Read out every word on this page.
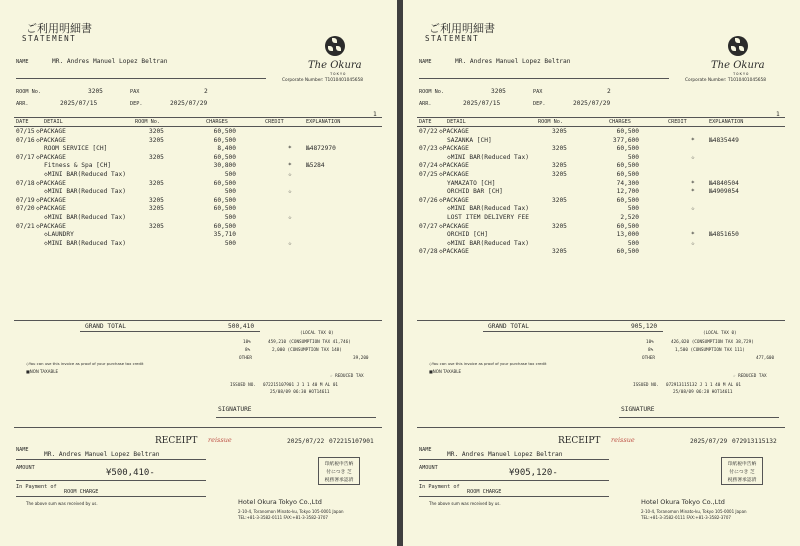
ご利用明細書
STATEMENT
The Okura
TOKYO
Corporate Number: T1010401045658
NAME	MR. Andres Manuel Lopez Beltran
ROOM No.	3205	PAX	2
ARR.	2025/07/15	DEP.	2025/07/29
1
DATE	DETAIL	ROOM No.	CHARGES	CREDIT	EXPLANATION
07/15 ◇PACKAGE	3205	60,500
07/16 ◇PACKAGE	3205	60,500
ROOM SERVICE [CH]	8,400	* №4872970
07/17 ◇PACKAGE	3205	60,500
Fitness & Spa [CH]	30,800	* №5284
◇MINI BAR(Reduced Tax)	500	☆
07/18 ◇PACKAGE	3205	60,500
◇MINI BAR(Reduced Tax)	500	☆
07/19 ◇PACKAGE	3205	60,500
07/20 ◇PACKAGE	3205	60,500
◇MINI BAR(Reduced Tax)	500	☆
07/21 ◇PACKAGE	3205	60,500
◇LAUNDRY	35,710
◇MINI BAR(Reduced Tax)	500	☆
GRAND TOTAL	500,410
(LOCAL TAX 0)
10%	459,210 (CONSUMPTION TAX 41,746)
8%	2,000 (CONSUMPTION TAX 148)
OTHER	39,200
◇You can use this invoice as proof of your purchase tax credit
■NON TAXABLE
☆ REDUCED TAX
ISSUED NO. 072215107901 J 1 1 40 M AL 01
25/08/09 06:30 HOT14611
SIGNATURE
RECEIPT reissue	2025/07/22 072215107901
NAME
MR. Andres Manuel Lopez Beltran
AMOUNT	¥500,410-
In Payment of
ROOM CHARGE
The above sum was received by us.
印紙税申告納
付につき 芝
税務署承認済
Hotel Okura Tokyo Co.,Ltd
2-10-4, Toranomon Minato-ku, Tokyo 105-0001 Japan
TEL:+81-3-3582-0111 FAX:+81-3-3582-3707
ご利用明細書
STATEMENT
The Okura
TOKYO
Corporate Number: T1010401045658
NAME	MR. Andres Manuel Lopez Beltran
ROOM No.	3205	PAX	2
ARR.	2025/07/15	DEP.	2025/07/29
1
DATE	DETAIL	ROOM No.	CHARGES	CREDIT	EXPLANATION
07/22 ◇PACKAGE	3205	60,500
SAZANKA [CH]	377,600	* №4835449
07/23 ◇PACKAGE	3205	60,500
◇MINI BAR(Reduced Tax)	500	☆
07/24 ◇PACKAGE	3205	60,500
07/25 ◇PACKAGE	3205	60,500
YAMAZATO [CH]	74,300	* №4840504
ORCHID BAR [CH]	12,700	* №4909054
07/26 ◇PACKAGE	3205	60,500
◇MINI BAR(Reduced Tax)	500	☆
LOST ITEM DELIVERY FEE	2,520
07/27 ◇PACKAGE	3205	60,500
ORCHID [CH]	13,000	* №4851650
◇MINI BAR(Reduced Tax)	500	☆
07/28 ◇PACKAGE	3205	60,500
GRAND TOTAL	905,120
(LOCAL TAX 0)
10%	426,020 (CONSUMPTION TAX 38,729)
8%	1,500 (CONSUMPTION TAX 111)
OTHER	477,600
◇You can use this invoice as proof of your purchase tax credit
■NON TAXABLE
☆ REDUCED TAX
ISSUED NO. 072913115132 J 1 1 40 M AL 01
25/08/09 06:28 HOT14611
SIGNATURE
RECEIPT reissue	2025/07/29 072913115132
NAME
MR. Andres Manuel Lopez Beltran
AMOUNT	¥905,120-
In Payment of
ROOM CHARGE
The above sum was received by us.
印紙税申告納
付につき 芝
税務署承認済
Hotel Okura Tokyo Co.,Ltd
2-10-4, Toranomon Minato-ku, Tokyo 105-0001 Japan
TEL:+81-3-3582-0111 FAX:+81-3-3582-3707
